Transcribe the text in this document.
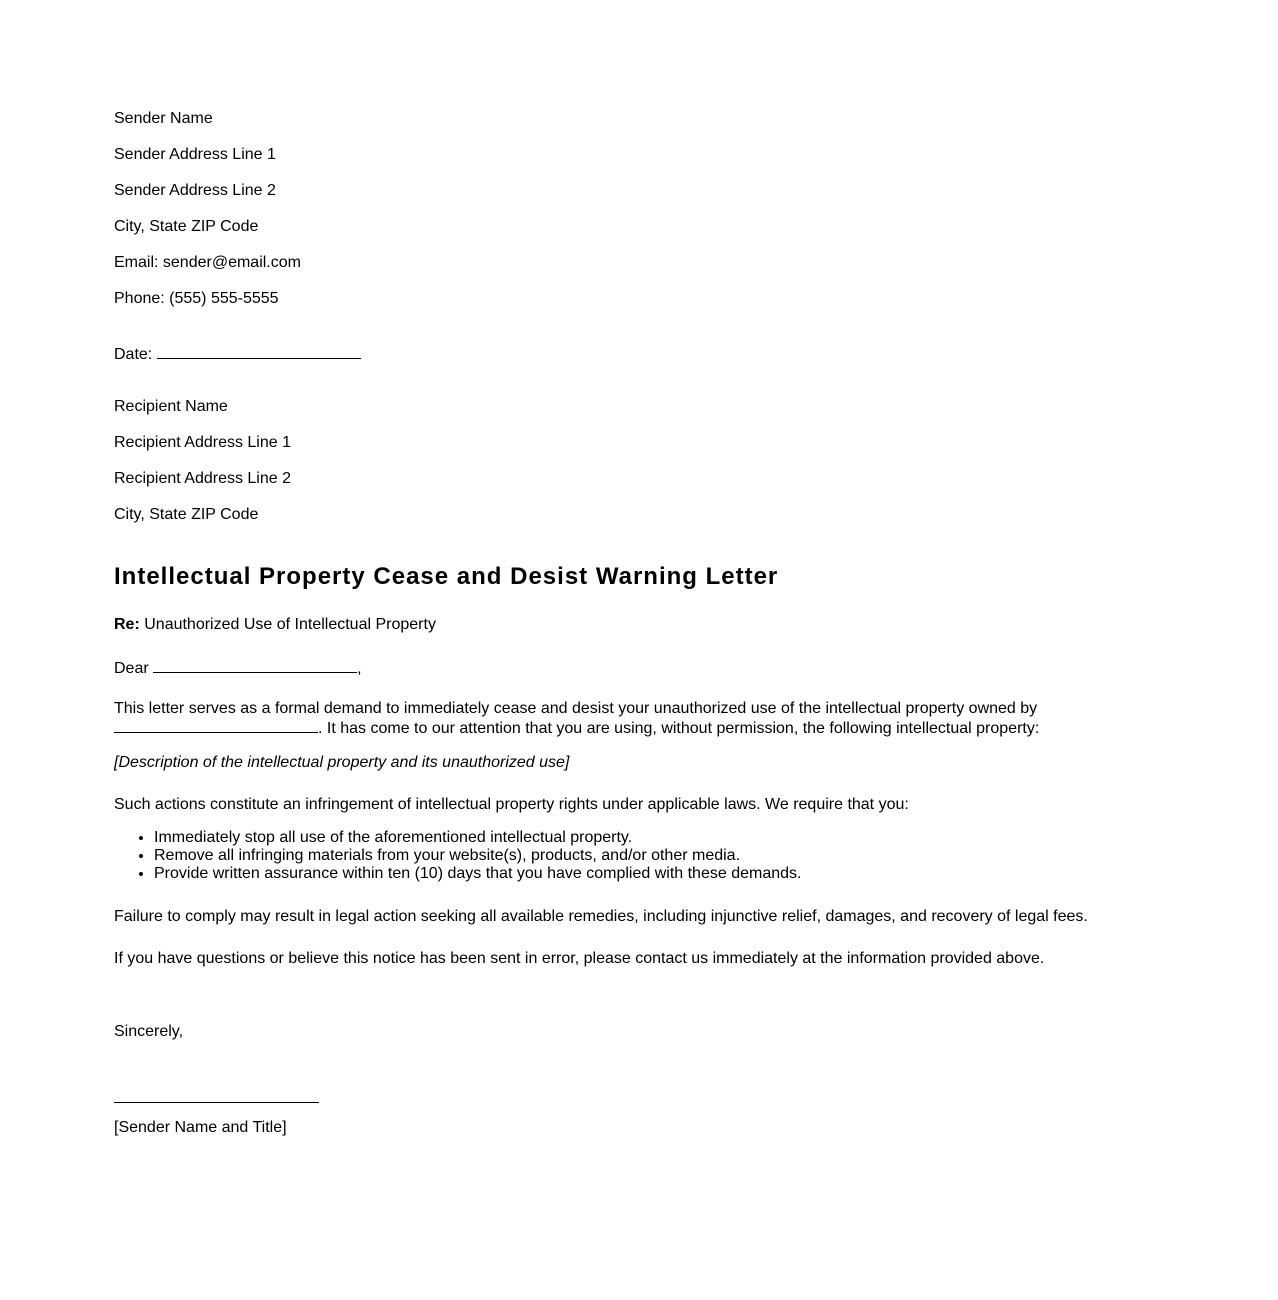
Sender Name
Sender Address Line 1
Sender Address Line 2
City, State ZIP Code
Email: sender@email.com
Phone: (555) 555-5555
Date:
Recipient Name
Recipient Address Line 1
Recipient Address Line 2
City, State ZIP Code
Intellectual Property Cease and Desist Warning Letter
Re: Unauthorized Use of Intellectual Property
Dear	,
This letter serves as a formal demand to immediately cease and desist your unauthorized use of the intellectual property owned by . It has come to our attention that you are using, without permission, the following intellectual property:
[Description of the intellectual property and its unauthorized use]
Such actions constitute an infringement of intellectual property rights under applicable laws. We require that you:
• Immediately stop all use of the aforementioned intellectual property.
• Remove all infringing materials from your website(s), products, and/or other media.
• Provide written assurance within ten (10) days that you have complied with these demands.
Failure to comply may result in legal action seeking all available remedies, including injunctive relief, damages, and recovery of legal fees.
If you have questions or believe this notice has been sent in error, please contact us immediately at the information provided above.
Sincerely,
[Sender Name and Title]
